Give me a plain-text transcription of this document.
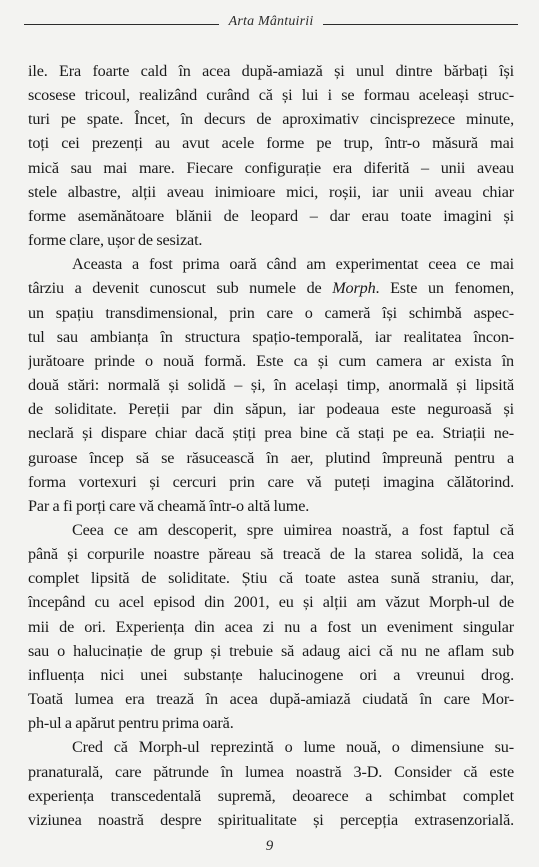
Arta Mântuirii

ile. Era foarte cald în acea după-amiază și unul dintre bărbați își
scosese tricoul, realizând curând că și lui i se formau aceleași struc-
turi pe spate. Încet, în decurs de aproximativ cincisprezece minute,
toți cei prezenți au avut acele forme pe trup, într-o măsură mai
mică sau mai mare. Fiecare configurație era diferită – unii aveau
stele albastre, alții aveau inimioare mici, roșii, iar unii aveau chiar
forme asemănătoare blănii de leopard – dar erau toate imagini și
forme clare, ușor de sesizat.

Aceasta a fost prima oară când am experimentat ceea ce mai
târziu a devenit cunoscut sub numele de Morph. Este un fenomen,
un spațiu transdimensional, prin care o cameră își schimbă aspec-
tul sau ambianța în structura spațio-temporală, iar realitatea încon-
jurătoare prinde o nouă formă. Este ca și cum camera ar exista în
două stări: normală și solidă – și, în același timp, anormală și lipsită
de soliditate. Pereții par din săpun, iar podeaua este neguroasă și
neclară și dispare chiar dacă știți prea bine că stați pe ea. Striații ne-
guroase încep să se răsucească în aer, plutind împreună pentru a
forma vortexuri și cercuri prin care vă puteți imagina călătorind.
Par a fi porți care vă cheamă într-o altă lume.

Ceea ce am descoperit, spre uimirea noastră, a fost faptul că
până și corpurile noastre păreau să treacă de la starea solidă, la cea
complet lipsită de soliditate. Știu că toate astea sună straniu, dar,
începând cu acel episod din 2001, eu și alții am văzut Morph-ul de
mii de ori. Experiența din acea zi nu a fost un eveniment singular
sau o halucinație de grup și trebuie să adaug aici că nu ne aflam sub
influența nici unei substanțe halucinogene ori a vreunui drog.
Toată lumea era trează în acea după-amiază ciudată în care Mor-
ph-ul a apărut pentru prima oară.

Cred că Morph-ul reprezintă o lume nouă, o dimensiune su-
pranaturală, care pătrunde în lumea noastră 3-D. Consider că este
experiența transcedentală supremă, deoarece a schimbat complet
viziunea noastră despre spiritualitate și percepția extrasenzorială.

9
